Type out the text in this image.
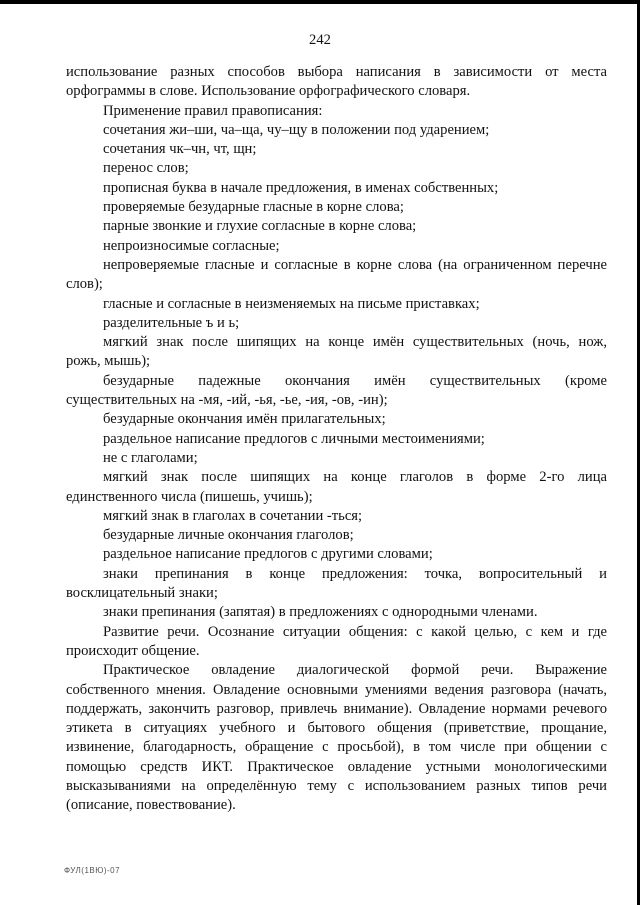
242
использование разных способов выбора написания в зависимости от места
орфограммы в слове. Использование орфографического словаря.
Применение правил правописания:
сочетания жи–ши, ча–ща, чу–щу в положении под ударением;
сочетания чк–чн, чт, щн;
перенос слов;
прописная буква в начале предложения, в именах собственных;
проверяемые безударные гласные в корне слова;
парные звонкие и глухие согласные в корне слова;
непроизносимые согласные;
непроверяемые гласные и согласные в корне слова (на ограниченном перечне
слов);
гласные и согласные в неизменяемых на письме приставках;
разделительные ъ и ь;
мягкий знак после шипящих на конце имён существительных (ночь, нож,
рожь, мышь);
безударные падежные окончания имён существительных (кроме
существительных на -мя, -ий, -ья, -ье, -ия, -ов, -ин);
безударные окончания имён прилагательных;
раздельное написание предлогов с личными местоимениями;
не с глаголами;
мягкий знак после шипящих на конце глаголов в форме 2-го лица
единственного числа (пишешь, учишь);
мягкий знак в глаголах в сочетании -ться;
безударные личные окончания глаголов;
раздельное написание предлогов с другими словами;
знаки препинания в конце предложения: точка, вопросительный и
восклицательный знаки;
знаки препинания (запятая) в предложениях с однородными членами.
Развитие речи. Осознание ситуации общения: с какой целью, с кем и где
происходит общение.
Практическое овладение диалогической формой речи. Выражение
собственного мнения. Овладение основными умениями ведения разговора (начать,
поддержать, закончить разговор, привлечь внимание). Овладение нормами речевого
этикета в ситуациях учебного и бытового общения (приветствие, прощание,
извинение, благодарность, обращение с просьбой), в том числе при общении с
помощью средств ИКТ. Практическое овладение устными монологическими
высказываниями на определённую тему с использованием разных типов речи
(описание, повествование).
ФУЛ(1ВЮ)-07
